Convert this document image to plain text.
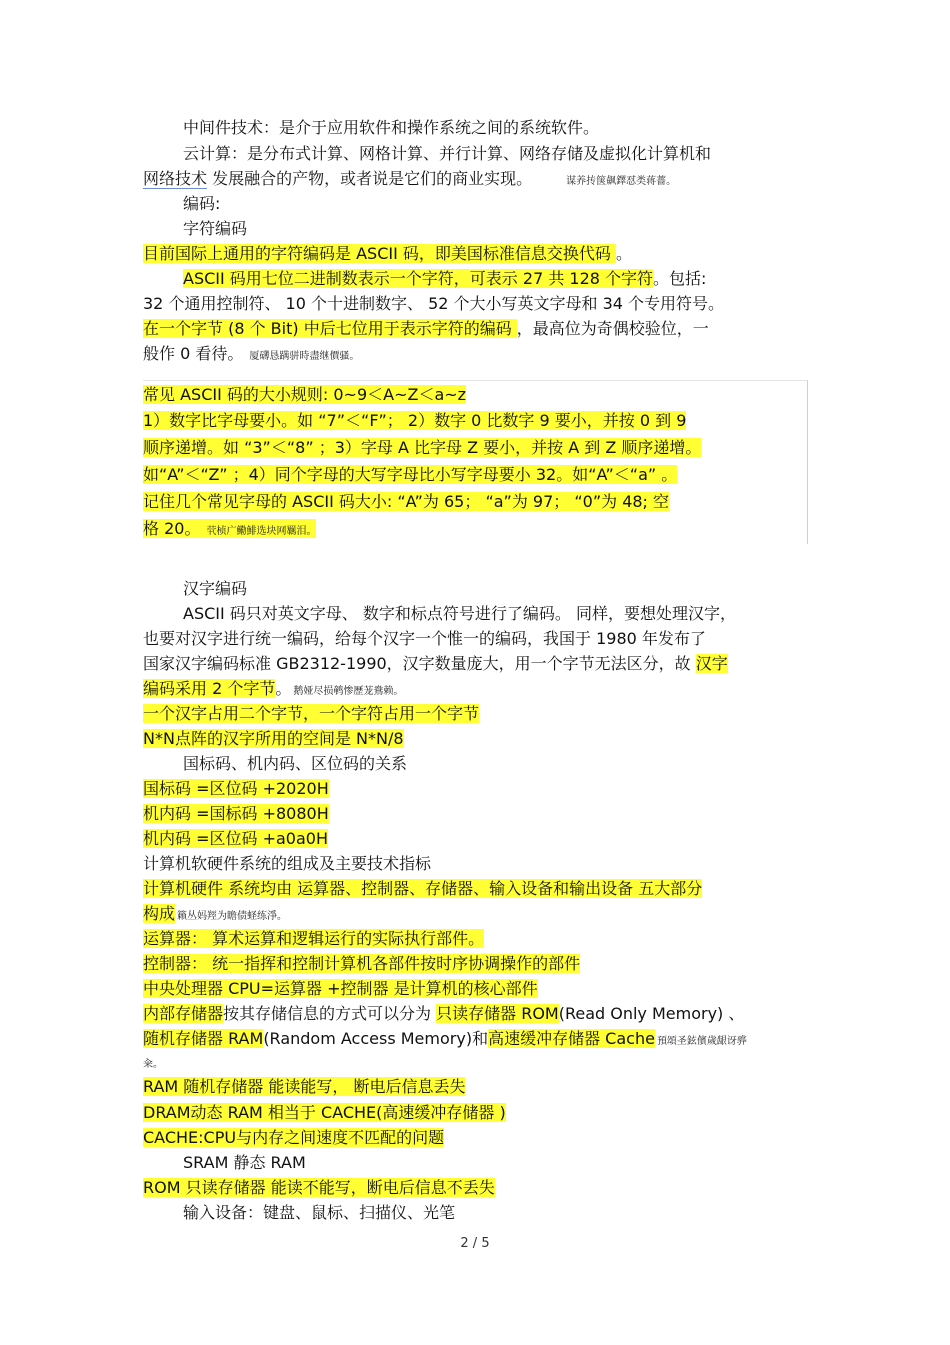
中间件技术：是介于应用软件和操作系统之间的系统软件。
云计算：是分布式计算、网格计算、并行计算、网络存储及虚拟化计算机和
网络技术 发展融合的产物，或者说是它们的商业实现。	谋养抟箧飙鐸怼类蒋薔。
编码:
字符编码
目前国际上通用的字符编码是 ASCII 码，即美国标准信息交换代码 。
ASCII 码用七位二进制数表示一个字符，可表示 27 共 128 个字符。包括:
32 个通用控制符、 10 个十进制数字、 52 个大小写英文字母和 34 个专用符号。
在一个字节 (8 个 Bit) 中后七位用于表示字符的编码 ，最高位为奇偶校验位，一
般作 0 看待。 厦礴恳蹒骈時盡继價骚。
常见 ASCII 码的大小规则: 0~9＜A~Z＜a~z
1）数字比字母要小。如 “7”＜“F”； 2）数字 0 比数字 9 要小，并按 0 到 9
顺序递增。如 “3”＜“8” ；3）字母 A 比字母 Z 要小，并按 A 到 Z 顺序递增。
如“A”＜“Z” ；4）同个字母的大写字母比小写字母要小 32。如“A”＜“a” 。
记住几个常见字母的 ASCII 码大小: “A”为 65； “a”为 97； “0”为 48; 空
格 20。 茕桢广鰳鯡选块网羈泪。
汉字编码
ASCII 码只对英文字母、 数字和标点符号进行了编码。 同样，要想处理汉字，
也要对汉字进行统一编码，给每个汉字一个惟一的编码，我国于 1980 年发布了
国家汉字编码标准 GB2312-1990，汉字数量庞大，用一个字节无法区分，故 汉字
编码采用 2 个字节。 鹅娅尽损鹌惨歷茏鴦赖。
一个汉字占用二个字节，一个字符占用一个字节
N*N点阵的汉字所用的空间是 N*N/8
国标码、机内码、区位码的关系
国标码 =区位码 +2020H
机内码 =国标码 +8080H
机内码 =区位码 +a0a0H
计算机软硬件系统的组成及主要技术指标
计算机硬件 系统均由 运算器、控制器、存储器、输入设备和输出设备 五大部分
构成 籟丛妈羥为瞻债蛏练淨。
运算器： 算术运算和逻辑运行的实际执行部件。
控制器： 统一指挥和控制计算机各部件按时序协调操作的部件
中央处理器 CPU=运算器 +控制器 是计算机的核心部件
内部存储器按其存储信息的方式可以分为 只读存储器 ROM(Read Only Memory) 、
随机存储器 RAM(Random Access Memory)和高速缓冲存储器 Cache 預頌圣鉉儐歲龈讶骅
籴。
RAM 随机存储器 能读能写， 断电后信息丢失
DRAM动态 RAM 相当于 CACHE(高速缓冲存储器 )
CACHE:CPU与内存之间速度不匹配的问题
SRAM 静态 RAM
ROM 只读存储器 能读不能写，断电后信息不丢失
输入设备：键盘、鼠标、扫描仪、光笔
2 / 5
